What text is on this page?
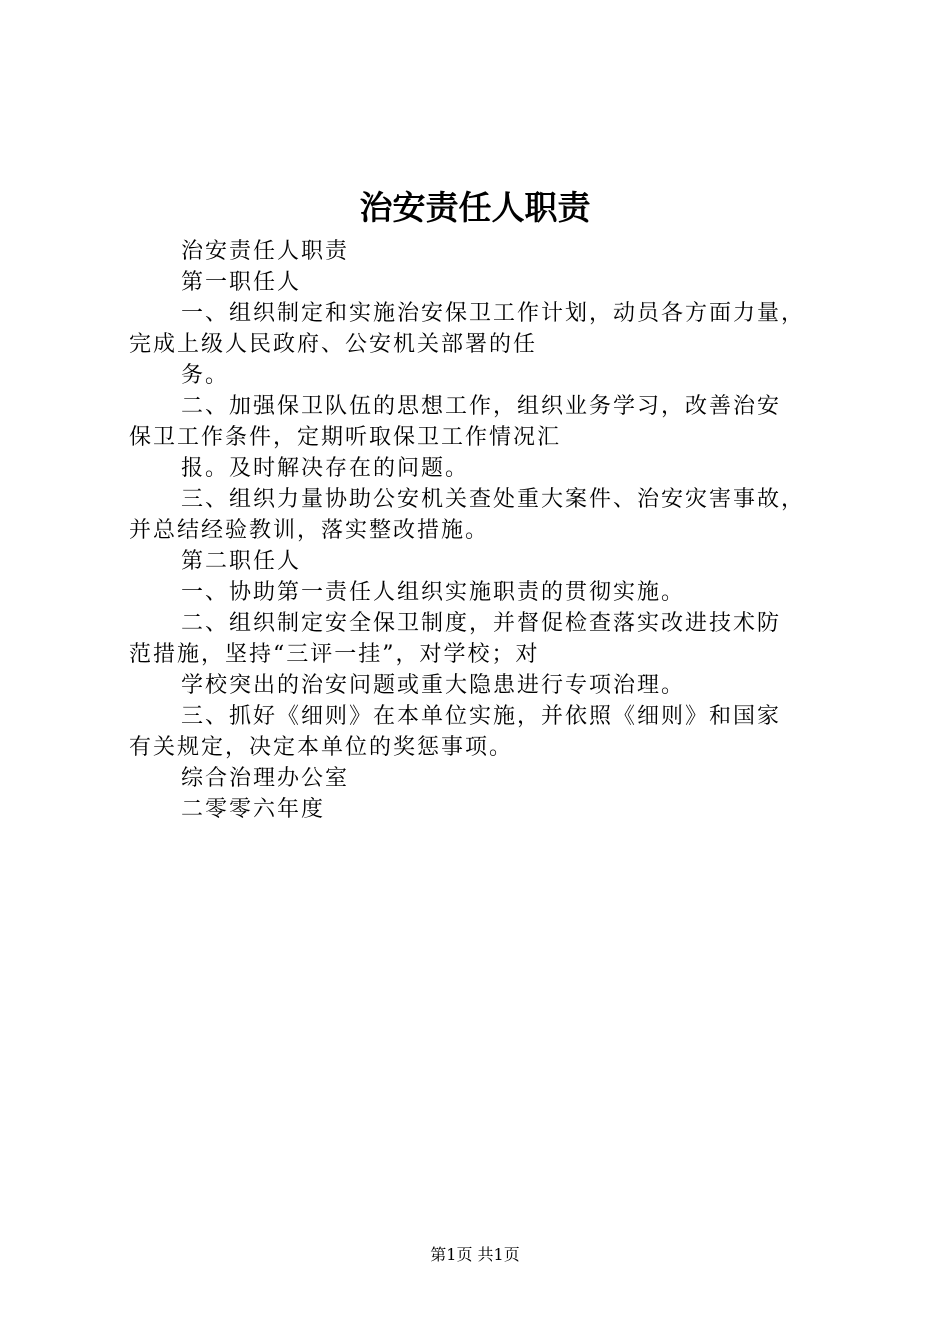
治安责任人职责

治安责任人职责

第一职任人

一、组织制定和实施治安保卫工作计划，动员各方面力量，

完成上级人民政府、公安机关部署的任

务。

二、加强保卫队伍的思想工作，组织业务学习，改善治安

保卫工作条件，定期听取保卫工作情况汇

报。及时解决存在的问题。

三、组织力量协助公安机关查处重大案件、治安灾害事故，

并总结经验教训，落实整改措施。

第二职任人

一、协助第一责任人组织实施职责的贯彻实施。

二、组织制定安全保卫制度，并督促检查落实改进技术防

范措施，坚持“三评一挂”，对学校；对

学校突出的治安问题或重大隐患进行专项治理。

三、抓好《细则》在本单位实施，并依照《细则》和国家

有关规定，决定本单位的奖惩事项。

综合治理办公室

二零零六年度

第1页 共1页
